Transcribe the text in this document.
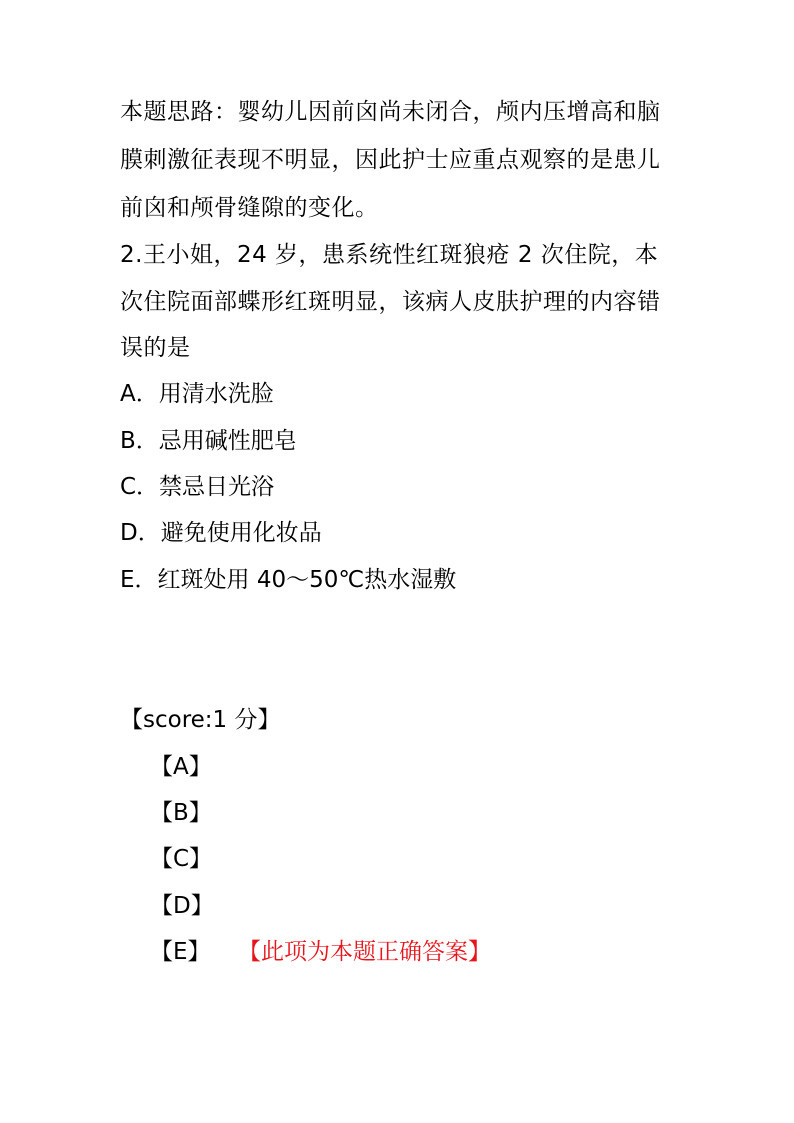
本题思路：婴幼儿因前囟尚未闭合，颅内压增高和脑
膜刺激征表现不明显，因此护士应重点观察的是患儿
前囟和颅骨缝隙的变化。
2.王小姐，24 岁，患系统性红斑狼疮 2 次住院，本
次住院面部蝶形红斑明显，该病人皮肤护理的内容错
误的是
A．用清水洗脸
B．忌用碱性肥皂
C．禁忌日光浴
D．避免使用化妆品
E．红斑处用 40～50℃热水湿敷
【score:1 分】
【A】
【B】
【C】
【D】
【E】 【此项为本题正确答案】
